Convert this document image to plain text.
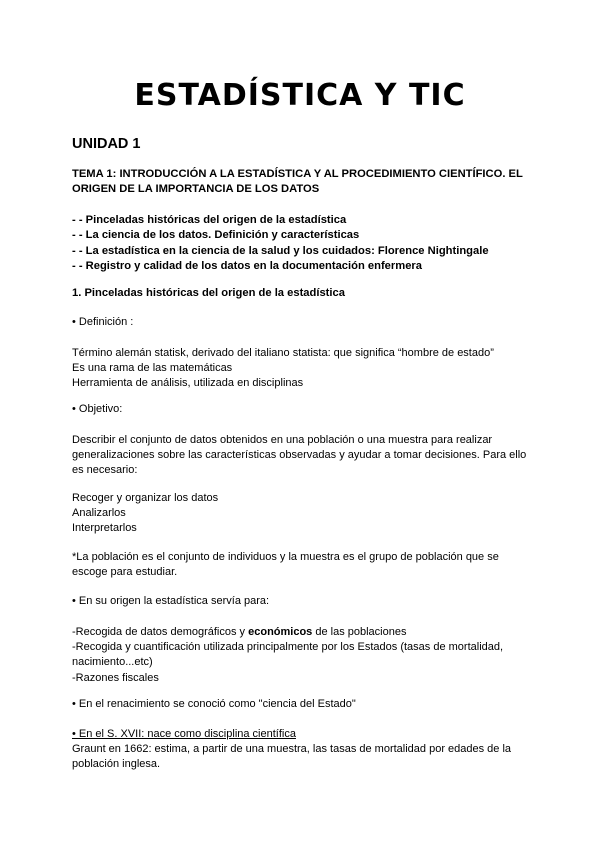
ESTADÍSTICA Y TIC
UNIDAD 1
TEMA 1: INTRODUCCIÓN A LA ESTADÍSTICA Y AL PROCEDIMIENTO CIENTÍFICO. EL ORIGEN DE LA IMPORTANCIA DE LOS DATOS
- - Pinceladas históricas del origen de la estadística
- - La ciencia de los datos. Definición y características
- - La estadística en la ciencia de la salud y los cuidados: Florence Nightingale
- - Registro y calidad de los datos en la documentación enfermera
1. Pinceladas históricas del origen de la estadística
• Definición :
Término alemán statisk, derivado del italiano statista: que significa “hombre de estado”
Es una rama de las matemáticas
Herramienta de análisis, utilizada en disciplinas
• Objetivo:
Describir el conjunto de datos obtenidos en una población o una muestra para realizar generalizaciones sobre las características observadas y ayudar a tomar decisiones. Para ello es necesario:
Recoger y organizar los datos
Analizarlos
Interpretarlos
*La población es el conjunto de individuos y la muestra es el grupo de población que se escoge para estudiar.
• En su origen la estadística servía para:
-Recogida de datos demográficos y económicos de las poblaciones
-Recogida y cuantificación utilizada principalmente por los Estados (tasas de mortalidad, nacimiento...etc)
-Razones fiscales
• En el renacimiento se conoció como "ciencia del Estado"
• En el S. XVII: nace como disciplina científica
Graunt en 1662: estima, a partir de una muestra, las tasas de mortalidad por edades de la población inglesa.
